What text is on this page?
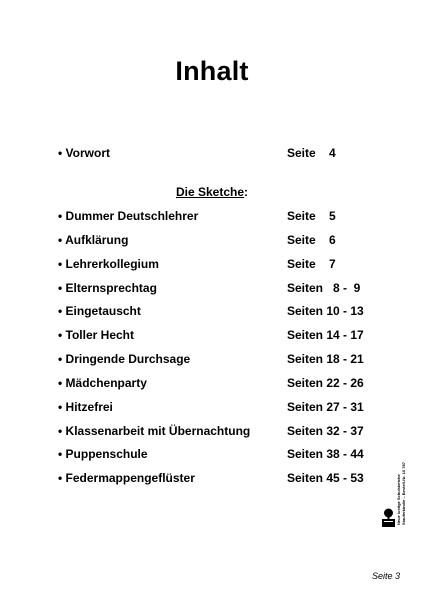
Inhalt
• Vorwort	Seite    4
Die Sketche:
• Dummer Deutschlehrer	Seite    5
• Aufklärung	Seite    6
• Lehrerkollegium	Seite    7
• Elternsprechtag	Seiten   8 -  9
• Eingetauscht	Seiten 10 - 13
• Toller Hecht	Seiten 14 - 17
• Dringende Durchsage	Seiten 18 - 21
• Mädchenparty	Seiten 22 - 26
• Hitzefrei	Seiten 27 - 31
• Klassenarbeit mit Übernachtung	Seiten 32 - 37
• Puppenschule	Seiten 38 - 44
• Federmappengeflüster	Seiten 45 - 53	Neue lustige Schulsketche Stauferkindle – Bestell-Nr. 10 787
Seite 3
